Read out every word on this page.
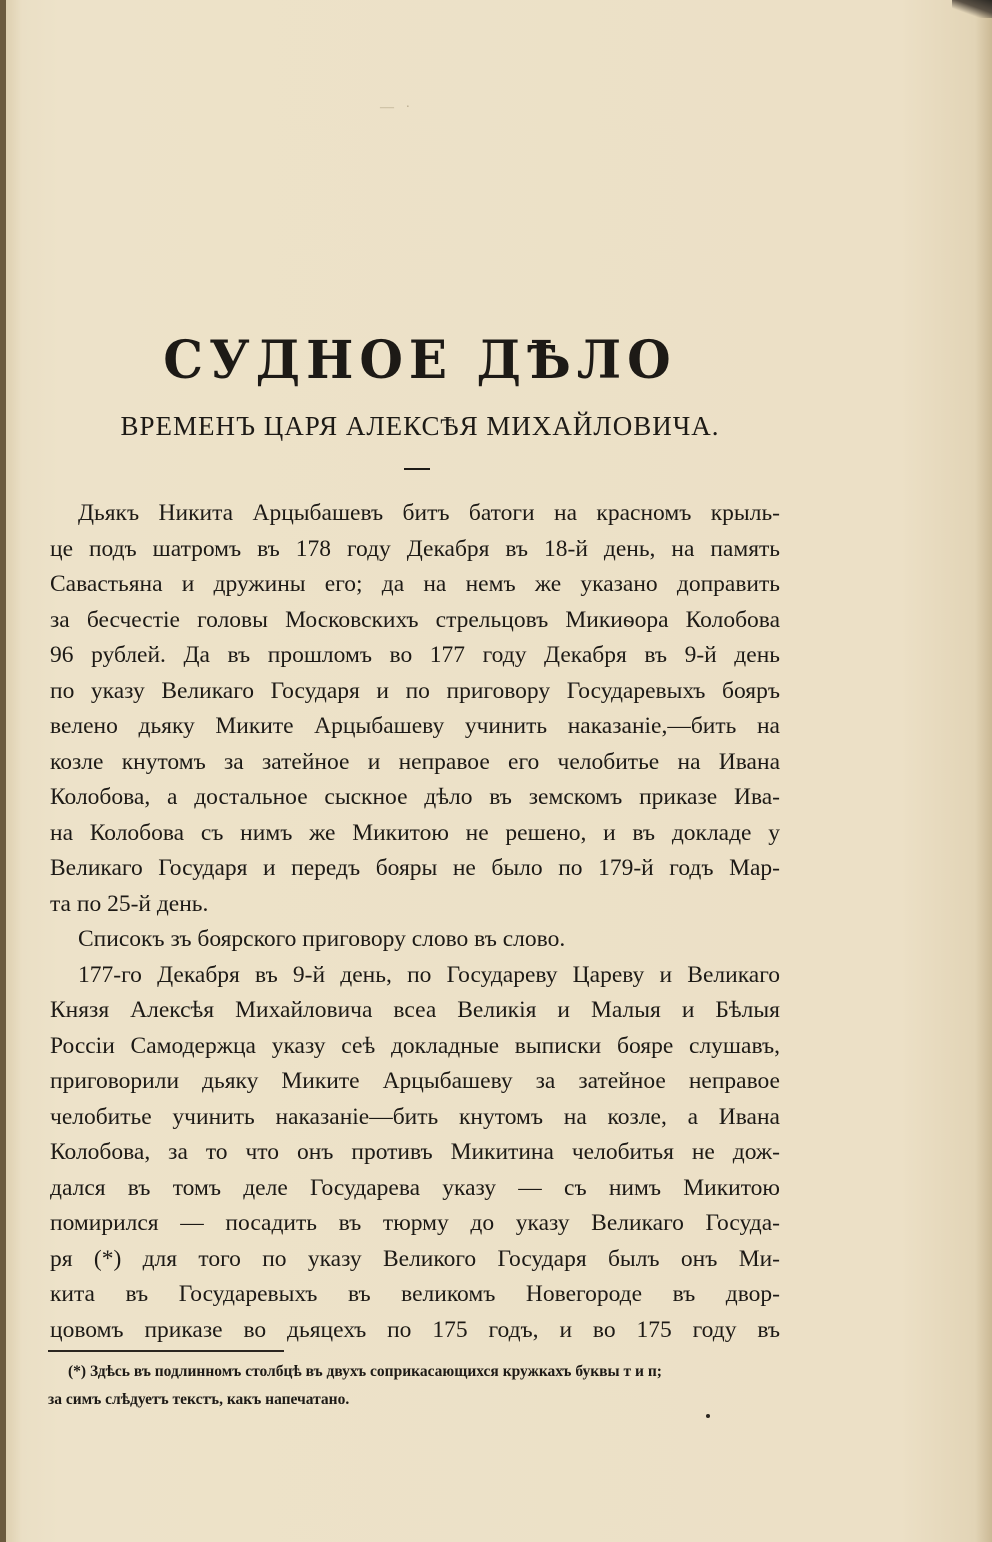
— ·
СУДНОЕ ДѢЛО
ВРЕМЕНЪ ЦАРЯ АЛЕКСѢЯ МИХАЙЛОВИЧА.
Дьякъ Никита Арцыбашевъ битъ батоги на красномъ крыль-
це подъ шатромъ въ 178 году Декабря въ 18-й день, на память
Савастьяна и дружины его; да на немъ же указано доправить
за бесчестіе головы Московскихъ стрельцовъ Микиѳора Колобова
96 рублей. Да въ прошломъ во 177 году Декабря въ 9-й день
по указу Великаго Государя и по приговору Государевыхъ бояръ
велено дьяку Миките Арцыбашеву учинить наказаніе,—бить на
козле кнутомъ за затейное и неправое его челобитье на Ивана
Колобова, а достальное сыскное дѣло въ земскомъ приказе Ива-
на Колобова съ нимъ же Микитою не решено, и въ докладе у
Великаго Государя и передъ бояры не было по 179-й годъ Мар-
та по 25-й день.
Списокъ зъ боярского приговору слово въ слово.
177-го Декабря въ 9-й день, по Государеву Цареву и Великаго
Князя Алексѣя Михайловича всеа Великія и Малыя и Бѣлыя
Россіи Самодержца указу сеѣ докладные выписки бояре слушавъ,
приговорили дьяку Миките Арцыбашеву за затейное неправое
челобитье учинить наказаніе—бить кнутомъ на козле, а Ивана
Колобова, за то что онъ противъ Микитина челобитья не дож-
дался въ томъ деле Государева указу — съ нимъ Микитою
помирился — посадить въ тюрму до указу Великаго Госуда-
ря (*) для того по указу Великого Государя былъ онъ Ми-
кита въ Государевыхъ въ великомъ Новегороде въ двор-
цовомъ приказе во дьяцехъ по 175 годъ, и во 175 году въ
(*) Здѣсь въ подлинномъ столбцѣ въ двухъ соприкасающихся кружкахъ буквы т и п;
за симъ слѣдуетъ текстъ, какъ напечатано.
